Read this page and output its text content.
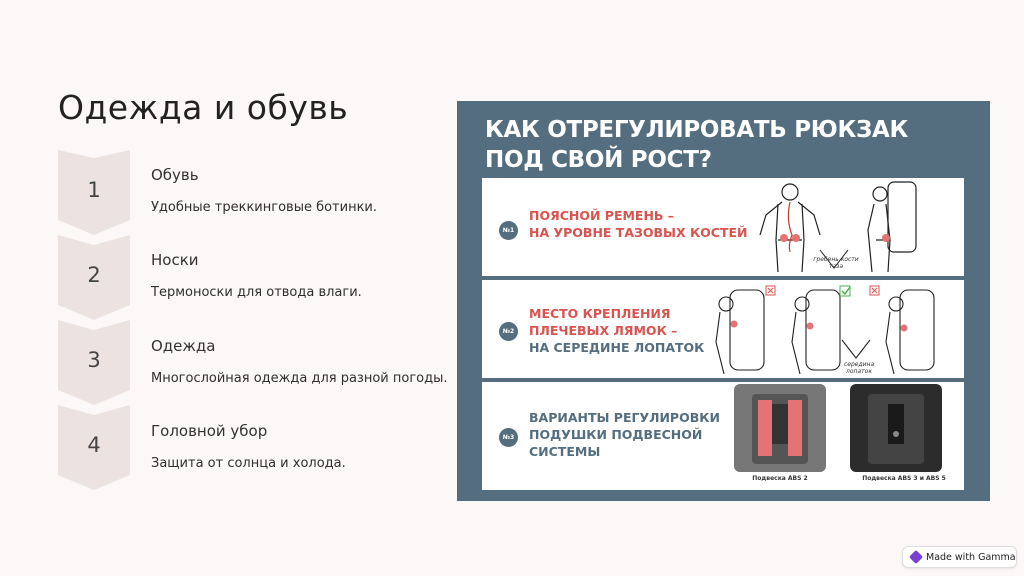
Одежда и обувь
1
Обувь
Удобные треккинговые ботинки.
2
Носки
Термоноски для отвода влаги.
3
Одежда
Многослойная одежда для разной погоды.
4
Головной убор
Защита от солнца и холода.
КАК ОТРЕГУЛИРОВАТЬ РЮКЗАК
ПОД СВОЙ РОСТ?
№1
ПОЯСНОЙ РЕМЕНЬ –
НА УРОВНЕ ТАЗОВЫХ КОСТЕЙ
гребень кости таза
№2
МЕСТО КРЕПЛЕНИЯ
ПЛЕЧЕВЫХ ЛЯМОК –
НА СЕРЕДИНЕ ЛОПАТОК
середина лопаток
№3
ВАРИАНТЫ РЕГУЛИРОВКИ
ПОДУШКИ ПОДВЕСНОЙ
СИСТЕМЫ
Подвеска ABS 2	Подвеска ABS 3 и ABS 5
Made with Gamma
